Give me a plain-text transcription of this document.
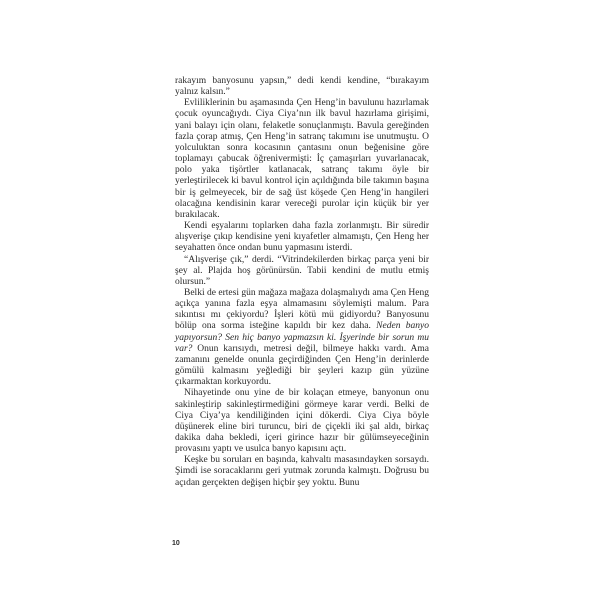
rakayım banyosunu yapsın,” dedi kendi kendine, “bırakayım yalnız kalsın.”

Evliliklerinin bu aşamasında Çen Heng’in bavulunu hazırlamak çocuk oyuncağıydı. Ciya Ciya’nın ilk bavul hazırlama girişimi, yani balayı için olanı, felaketle sonuçlanmıştı. Bavula gereğinden fazla çorap atmış, Çen Heng’in satranç takımını ise unutmuştu. O yolculuktan sonra kocasının çantasını onun beğenisine göre toplamayı çabucak öğrenivermişti: İç çamaşırları yuvarlanacak, polo yaka tişörtler katlanacak, satranç takımı öyle bir yerleştirilecek ki bavul kontrol için açıldığında bile takımın başına bir iş gelmeyecek, bir de sağ üst köşede Çen Heng’in hangileri olacağına kendisinin karar vereceği purolar için küçük bir yer bırakılacak.

Kendi eşyalarını toplarken daha fazla zorlanmıştı. Bir süredir alışverişe çıkıp kendisine yeni kıyafetler almamıştı, Çen Heng her seyahatten önce ondan bunu yapmasını isterdi.

“Alışverişe çık,” derdi. “Vitrindekilerden birkaç parça yeni bir şey al. Plajda hoş görünürsün. Tabii kendini de mutlu etmiş olursun.”

Belki de ertesi gün mağaza mağaza dolaşmalıydı ama Çen Heng açıkça yanına fazla eşya almamasını söylemişti malum. Para sıkıntısı mı çekiyordu? İşleri kötü mü gidiyordu? Banyosunu bölüp ona sorma isteğine kapıldı bir kez daha. Neden banyo yapıyorsun? Sen hiç banyo yapmazsın ki. İşyerinde bir sorun mu var? Onun karısıydı, metresi değil, bilmeye hakkı vardı. Ama zamanını genelde onunla geçirdiğinden Çen Heng’in derinlerde gömülü kalmasını yeğlediği bir şeyleri kazıp gün yüzüne çıkarmaktan korkuyordu.

Nihayetinde onu yine de bir kolaçan etmeye, banyonun onu sakinleştirip sakinleştirmediğini görmeye karar verdi. Belki de Ciya Ciya’ya kendiliğinden içini dökerdi. Ciya Ciya böyle düşünerek eline biri turuncu, biri de çiçekli iki şal aldı, birkaç dakika daha bekledi, içeri girince hazır bir gülümseyeceğinin provasını yaptı ve usulca banyo kapısını açtı.

Keşke bu soruları en başında, kahvaltı masasındayken sorsaydı. Şimdi ise soracaklarını geri yutmak zorunda kalmıştı. Doğrusu bu açıdan gerçekten değişen hiçbir şey yoktu. Bunu

10
